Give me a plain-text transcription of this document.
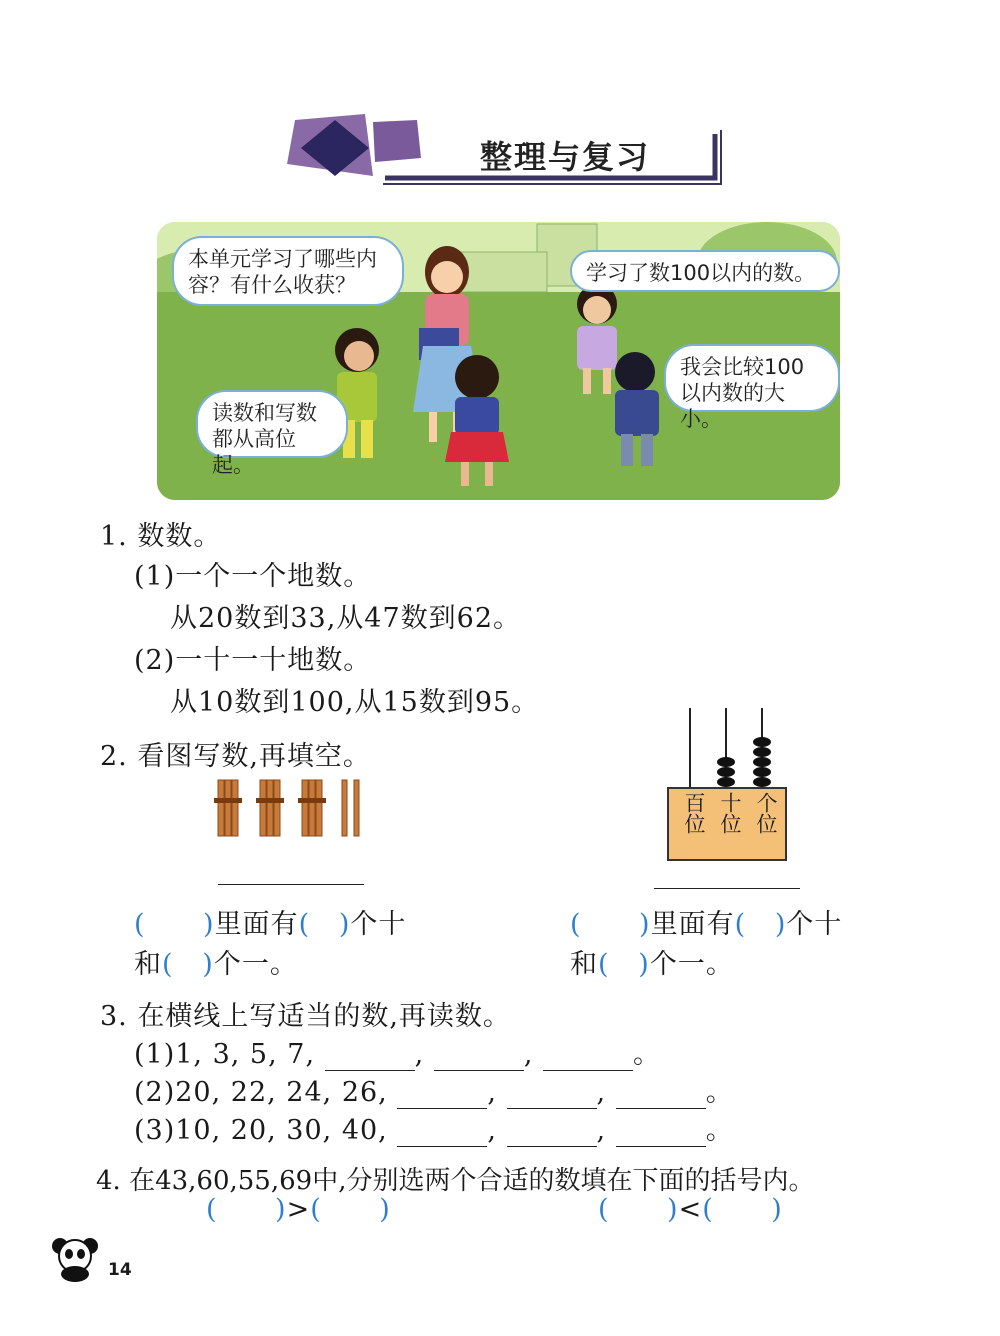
整理与复习
本单元学习了哪些内容？有什么收获？	学习了数100以内的数。
我会比较100以内数的大小。
读数和写数都从高位起。
1. 数数。
(1)一个一个地数。
从20数到33,从47数到62。
(2)一十一十地数。
从10数到100,从15数到95。
2. 看图写数,再填空。
百位 十位 个位
(      )里面有(   )个十
和(   )个一。
(      )里面有(   )个十
和(   )个一。
3. 在横线上写适当的数,再读数。
(1)1, 3, 5, 7,	,	,	。
(2)20, 22, 24, 26,	,	,	。
(3)10, 20, 30, 40,	,	,	。
4. 在43,60,55,69中,分别选两个合适的数填在下面的括号内。
(      )>(      )	(      )<(      )
14
